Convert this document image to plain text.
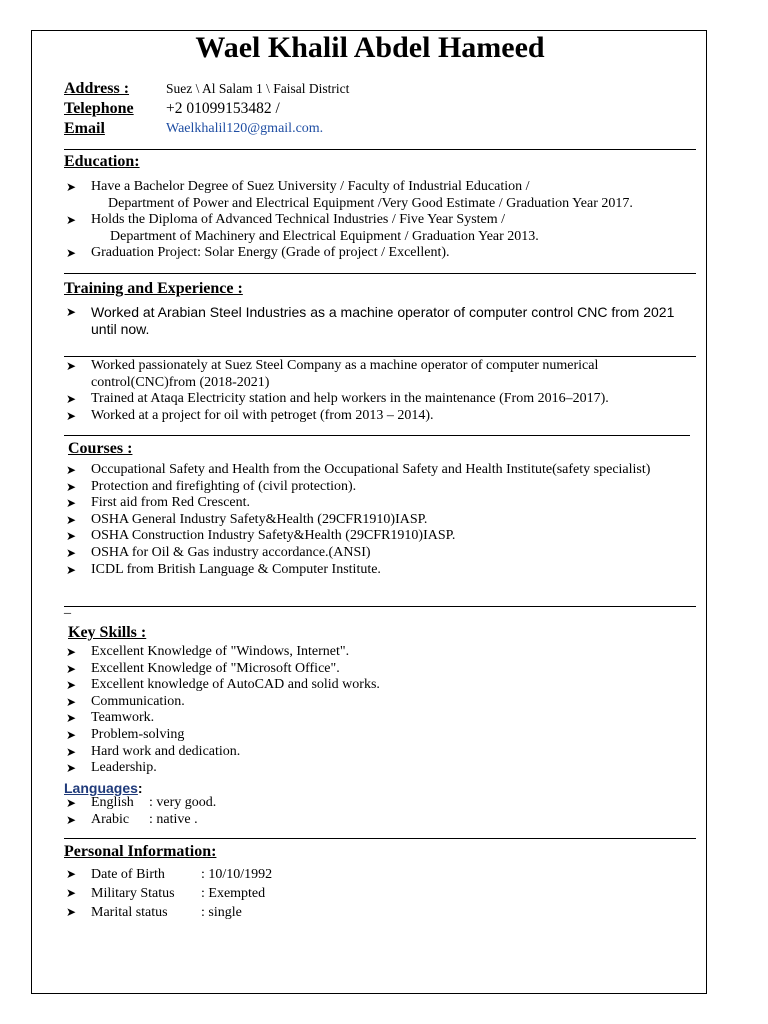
Wael Khalil Abdel Hameed
Address :	Suez \ Al Salam 1 \ Faisal District
Telephone +2 01099153482 /
Email	Waelkhalil120@gmail.com.
Education:
➤ Have a Bachelor Degree of Suez University / Faculty of Industrial Education /
Department of Power and Electrical Equipment /Very Good Estimate / Graduation Year 2017.
➤ Holds the Diploma of Advanced Technical Industries / Five Year System /
Department of Machinery and Electrical Equipment / Graduation Year 2013.
➤ Graduation Project: Solar Energy (Grade of project / Excellent).
Training and Experience :
➤ Worked at Arabian Steel Industries as a machine operator of computer control CNC from 2021 until now.
➤ Worked passionately at Suez Steel Company as a machine operator of computer numerical control(CNC)from (2018-2021)
➤ Trained at Ataqa Electricity station and help workers in the maintenance (From 2016–2017).
➤ Worked at a project for oil with petroget (from 2013 – 2014).
Courses :
➤ Occupational Safety and Health from the Occupational Safety and Health Institute(safety specialist)
➤ Protection and firefighting of (civil protection).
➤ First aid from Red Crescent.
➤ OSHA General Industry Safety&Health (29CFR1910)IASP.
➤ OSHA Construction Industry Safety&Health (29CFR1910)IASP.
➤ OSHA for Oil & Gas industry accordance.(ANSI)
➤ ICDL from British Language & Computer Institute.
_
Key Skills :
➤ Excellent Knowledge of "Windows, Internet".
➤ Excellent Knowledge of "Microsoft Office".
➤ Excellent knowledge of AutoCAD and solid works.
➤ Communication.
➤ Teamwork.
➤ Problem-solving
➤ Hard work and dedication.
➤ Leadership.
Languages:
➤ English : very good.
➤ Arabic : native .
Personal Information:
➤ Date of Birth	: 10/10/1992
➤ Military Status : Exempted
➤ Marital status : single
